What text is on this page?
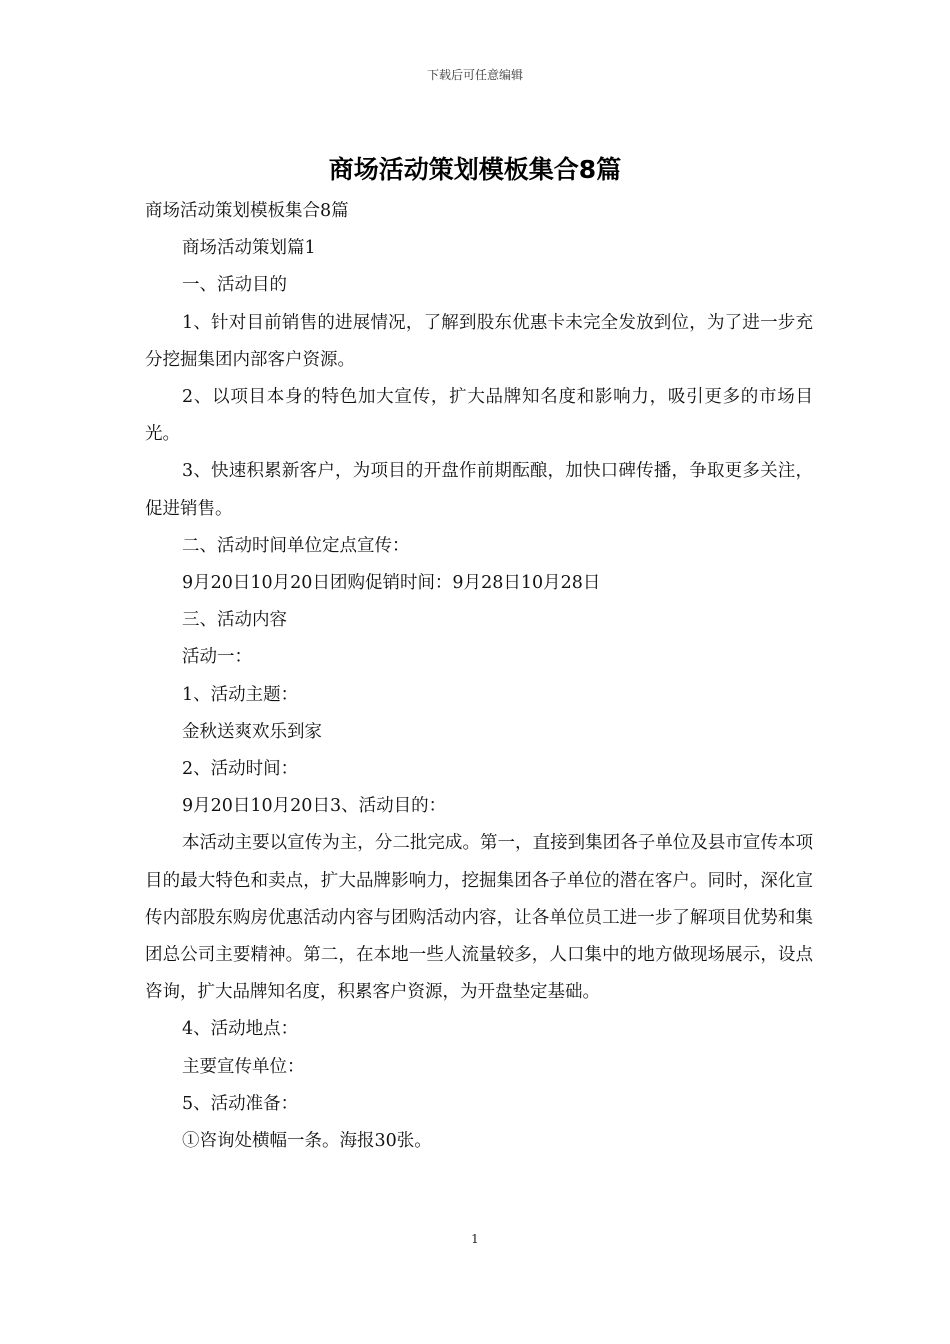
下载后可任意编辑
商场活动策划模板集合8篇

商场活动策划模板集合8篇

商场活动策划篇1

一、活动目的

1、针对目前销售的进展情况，了解到股东优惠卡未完全发放到位，为了进一步充分挖掘集团内部客户资源。

2、以项目本身的特色加大宣传，扩大品牌知名度和影响力，吸引更多的市场目光。

3、快速积累新客户，为项目的开盘作前期酝酿，加快口碑传播，争取更多关注，促进销售。

二、活动时间单位定点宣传：

9月20日10月20日团购促销时间：9月28日10月28日

三、活动内容

活动一：

1、活动主题：

金秋送爽欢乐到家

2、活动时间：

9月20日10月20日3、活动目的：

本活动主要以宣传为主，分二批完成。第一，直接到集团各子单位及县市宣传本项目的最大特色和卖点，扩大品牌影响力，挖掘集团各子单位的潜在客户。同时，深化宣传内部股东购房优惠活动内容与团购活动内容，让各单位员工进一步了解项目优势和集团总公司主要精神。第二，在本地一些人流量较多，人口集中的地方做现场展示，设点咨询，扩大品牌知名度，积累客户资源，为开盘垫定基础。

4、活动地点：

主要宣传单位：

5、活动准备：

①咨询处横幅一条。海报30张。

1
